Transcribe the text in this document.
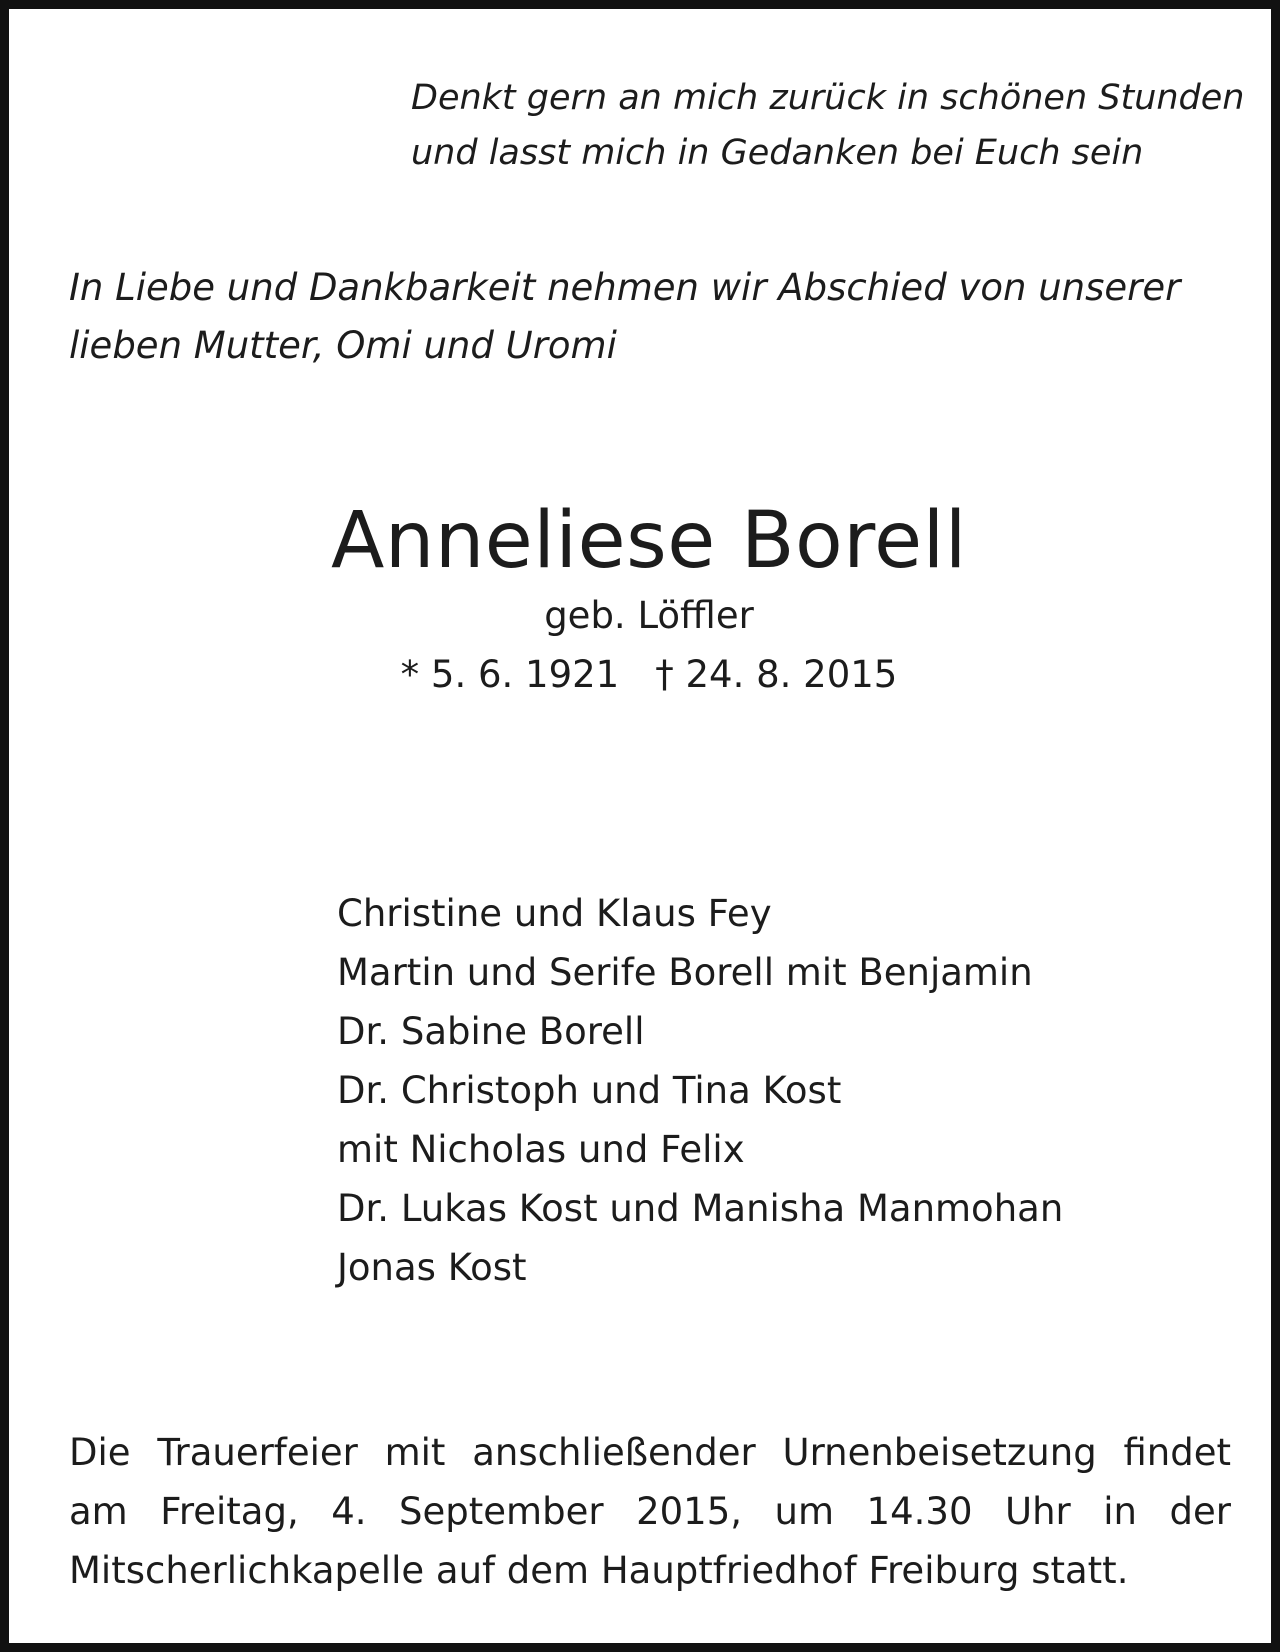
Denkt gern an mich zurück in schönen Stunden
und lasst mich in Gedanken bei Euch sein
In Liebe und Dankbarkeit nehmen wir Abschied von unserer
lieben Mutter, Omi und Uromi
Anneliese Borell
geb. Löffler
* 5. 6. 1921 † 24. 8. 2015
Christine und Klaus Fey
Martin und Serife Borell mit Benjamin
Dr. Sabine Borell
Dr. Christoph und Tina Kost
mit Nicholas und Felix
Dr. Lukas Kost und Manisha Manmohan
Jonas Kost
Die Trauerfeier mit anschließender Urnenbeisetzung findet
am Freitag, 4. September 2015, um 14.30 Uhr in der
Mitscherlichkapelle auf dem Hauptfriedhof Freiburg statt.
